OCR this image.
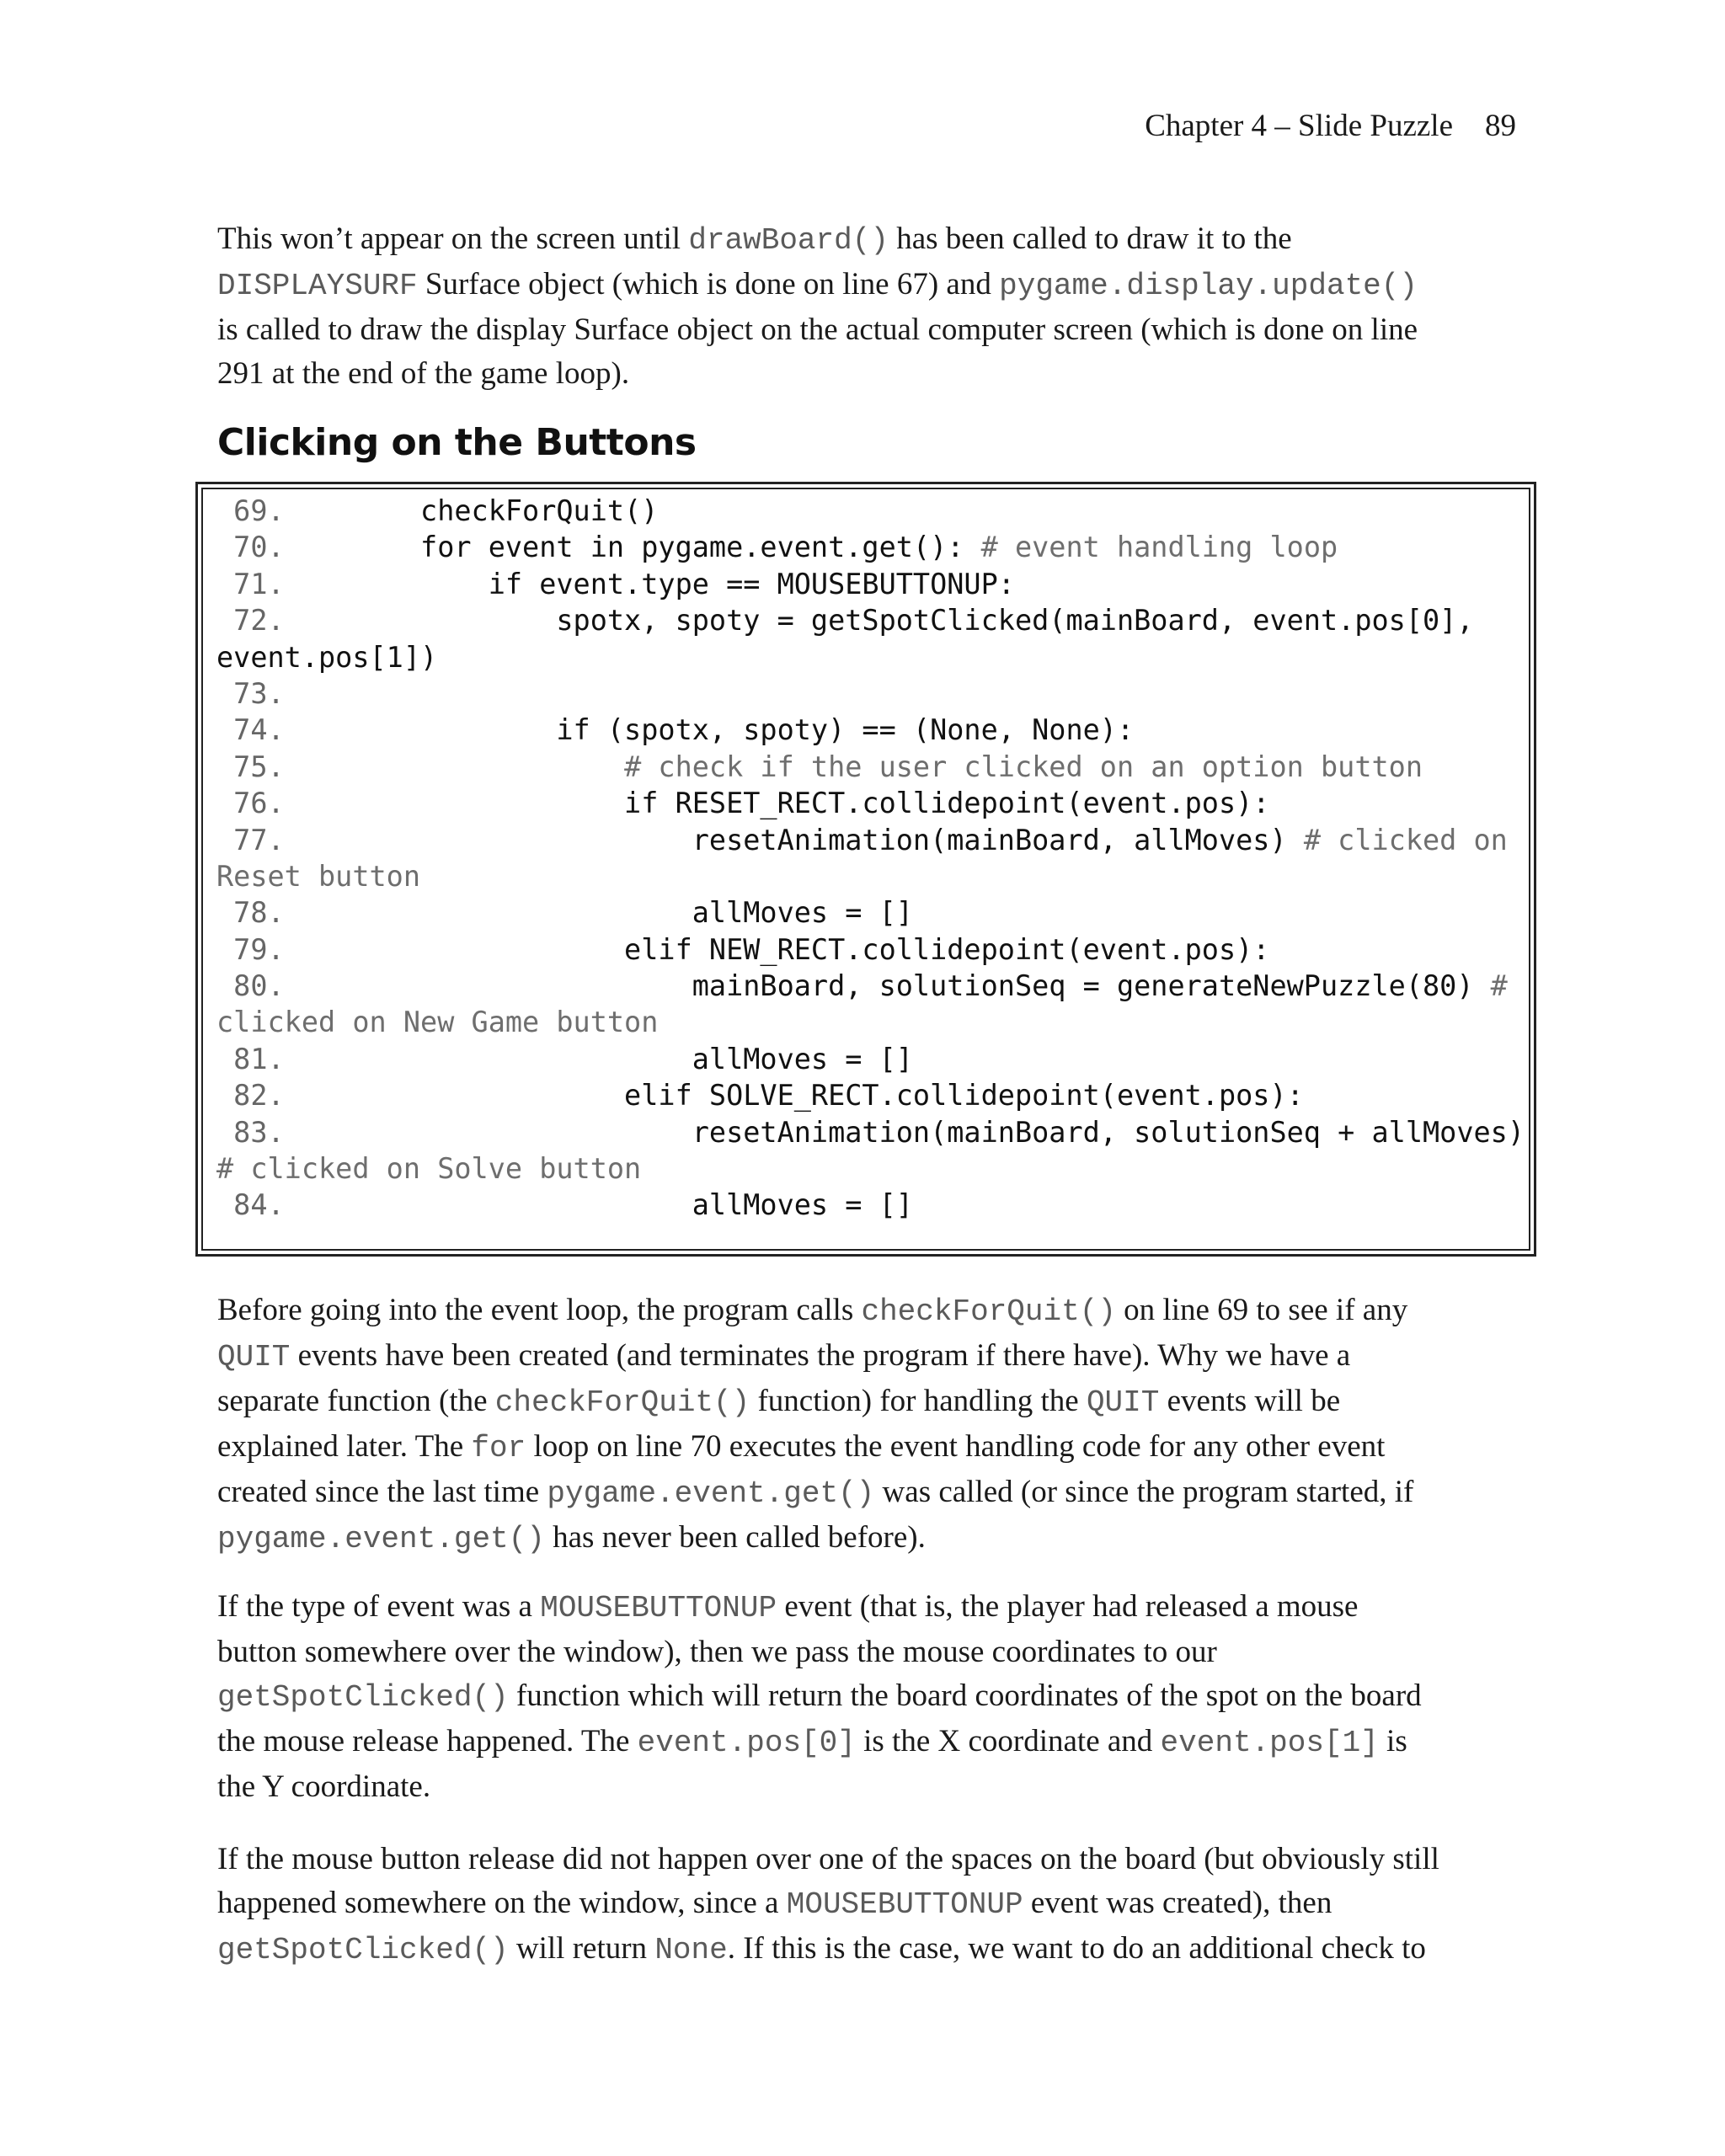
Chapter 4 – Slide Puzzle 89

This won’t appear on the screen until drawBoard() has been called to draw it to the
DISPLAYSURF Surface object (which is done on line 67) and pygame.display.update()
is called to draw the display Surface object on the actual computer screen (which is done on line
291 at the end of the game loop).

Clicking on the Buttons
69.        checkForQuit()
70.        for event in pygame.event.get(): # event handling loop
71.            if event.type == MOUSEBUTTONUP:
72.                spotx, spoty = getSpotClicked(mainBoard, event.pos[0],
event.pos[1])
73.
74.                if (spotx, spoty) == (None, None):
75.	# check if the user clicked on an option button
76.                    if RESET_RECT.collidepoint(event.pos):
77.                        resetAnimation(mainBoard, allMoves) # clicked on
Reset button
78.                        allMoves = []
79.                    elif NEW_RECT.collidepoint(event.pos):
80.                        mainBoard, solutionSeq = generateNewPuzzle(80) #
clicked on New Game button
81.                        allMoves = []
82.                    elif SOLVE_RECT.collidepoint(event.pos):
83.                        resetAnimation(mainBoard, solutionSeq + allMoves)
# clicked on Solve button
84.                        allMoves = []

Before going into the event loop, the program calls checkForQuit() on line 69 to see if any
QUIT events have been created (and terminates the program if there have). Why we have a
separate function (the checkForQuit() function) for handling the QUIT events will be
explained later. The for loop on line 70 executes the event handling code for any other event
created since the last time pygame.event.get() was called (or since the program started, if
pygame.event.get() has never been called before).

If the type of event was a MOUSEBUTTONUP event (that is, the player had released a mouse
button somewhere over the window), then we pass the mouse coordinates to our
getSpotClicked() function which will return the board coordinates of the spot on the board
the mouse release happened. The event.pos[0] is the X coordinate and event.pos[1] is
the Y coordinate.

If the mouse button release did not happen over one of the spaces on the board (but obviously still
happened somewhere on the window, since a MOUSEBUTTONUP event was created), then
getSpotClicked() will return None. If this is the case, we want to do an additional check to
